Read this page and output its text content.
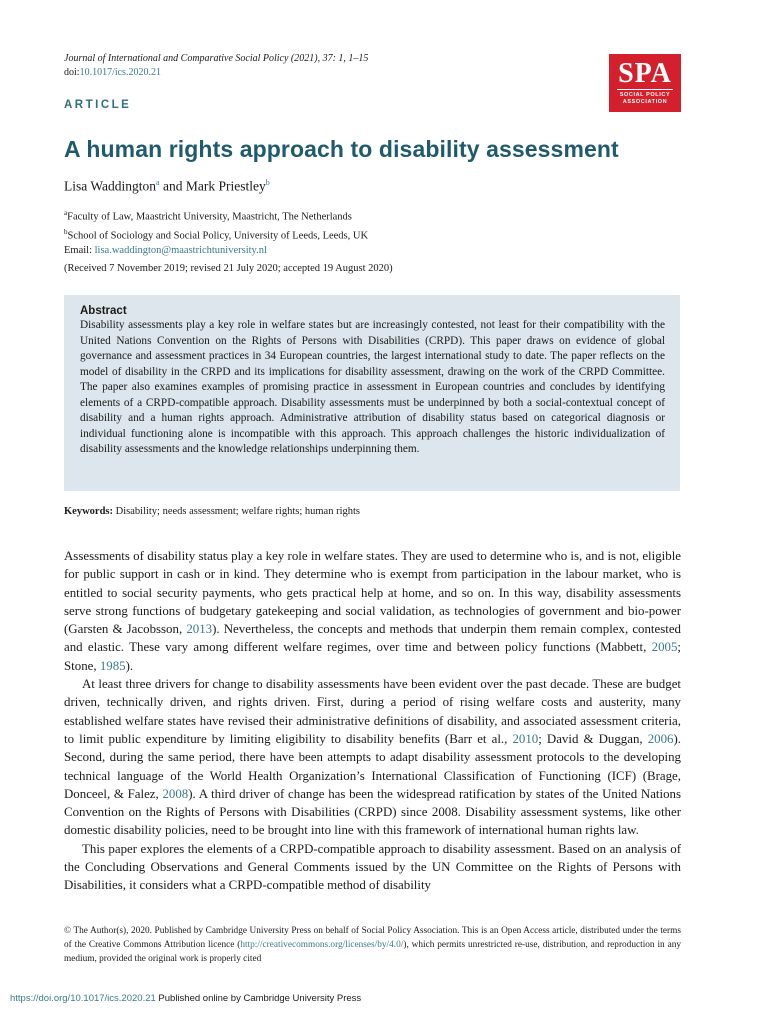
Journal of International and Comparative Social Policy (2021), 37: 1, 1–15
doi:10.1017/ics.2020.21	SPA
SOCIAL POLICY
ASSOCIATION
ARTICLE
A human rights approach to disability assessment
Lisa Waddington$^a$ and Mark Priestley$^b$
$^a$Faculty of Law, Maastricht University, Maastricht, The Netherlands
$^b$School of Sociology and Social Policy, University of Leeds, Leeds, UK
Email: lisa.waddington@maastrichtuniversity.nl
(Received 7 November 2019; revised 21 July 2020; accepted 19 August 2020)
Abstract
Disability assessments play a key role in welfare states but are increasingly contested, not least for their compatibility with the United Nations Convention on the Rights of Persons with Disabilities (CRPD). This paper draws on evidence of global governance and assessment practices in 34 European countries, the largest international study to date. The paper reflects on the model of disability in the CRPD and its implications for disability assessment, drawing on the work of the CRPD Committee. The paper also examines examples of promising practice in assessment in European countries and concludes by identifying elements of a CRPD-compatible approach. Disability assessments must be underpinned by both a social-contextual concept of disability and a human rights approach. Administrative attribution of disability status based on categorical diagnosis or individual functioning alone is incompatible with this approach. This approach challenges the historic individualization of disability assessments and the knowledge relationships underpinning them.
Keywords: Disability; needs assessment; welfare rights; human rights

Assessments of disability status play a key role in welfare states. They are used to determine who is, and is not, eligible for public support in cash or in kind. They determine who is exempt from participation in the labour market, who is entitled to social security payments, who gets practical help at home, and so on. In this way, disability assessments serve strong functions of budgetary gatekeeping and social validation, as technologies of government and bio-power (Garsten & Jacobsson, 2013). Nevertheless, the concepts and methods that underpin them remain complex, contested and elastic. These vary among different welfare regimes, over time and between policy functions (Mabbett, 2005; Stone, 1985).

At least three drivers for change to disability assessments have been evident over the past decade. These are budget driven, technically driven, and rights driven. First, during a period of rising welfare costs and austerity, many established welfare states have revised their administrative definitions of disability, and associated assessment criteria, to limit public expenditure by limiting eligibility to disability benefits (Barr et al., 2010; David & Duggan, 2006). Second, during the same period, there have been attempts to adapt disability assessment protocols to the developing technical language of the World Health Organization’s International Classification of Functioning (ICF) (Brage, Donceel, & Falez, 2008). A third driver of change has been the widespread ratification by states of the United Nations Convention on the Rights of Persons with Disabilities (CRPD) since 2008. Disability assessment systems, like other domestic disability policies, need to be brought into line with this framework of international human rights law.

This paper explores the elements of a CRPD-compatible approach to disability assessment. Based on an analysis of the Concluding Observations and General Comments issued by the UN Committee on the Rights of Persons with Disabilities, it considers what a CRPD-compatible method of disability

© The Author(s), 2020. Published by Cambridge University Press on behalf of Social Policy Association. This is an Open Access article, distributed under the terms of the Creative Commons Attribution licence (http://creativecommons.org/licenses/by/4.0/), which permits unrestricted re-use, distribution, and reproduction in any medium, provided the original work is properly cited
https://doi.org/10.1017/ics.2020.21 Published online by Cambridge University Press
